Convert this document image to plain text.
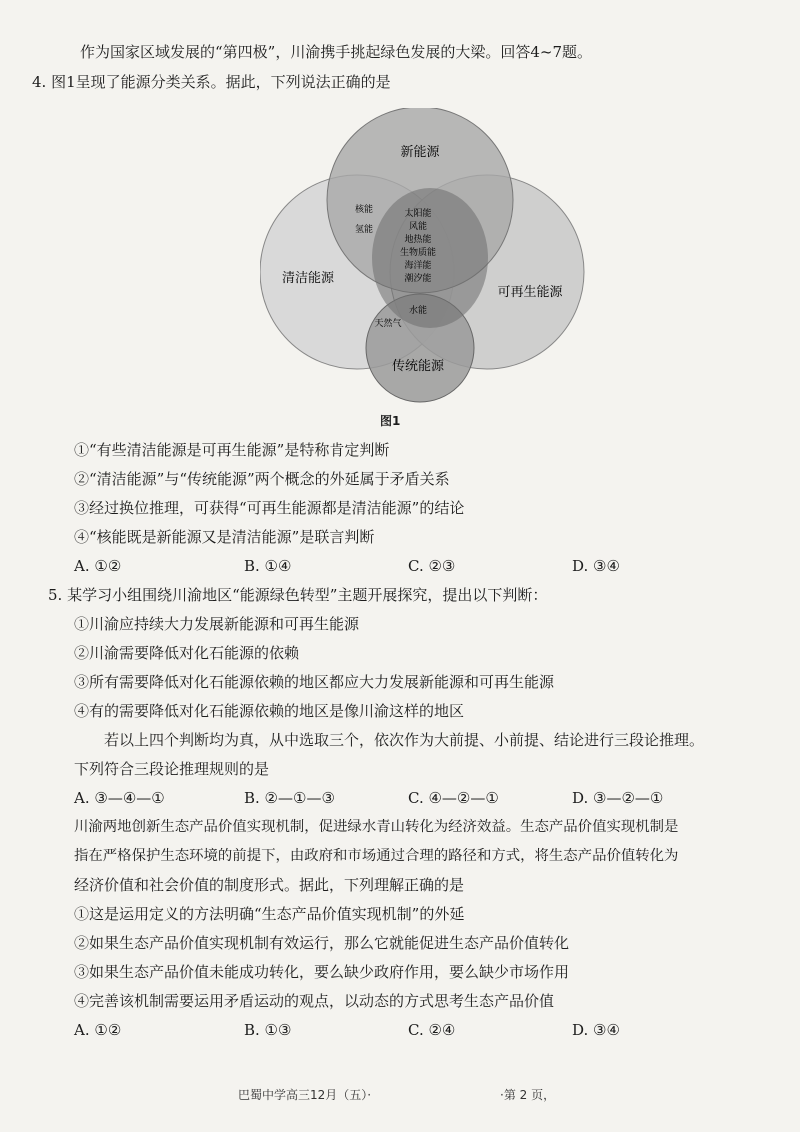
作为国家区域发展的“第四极”，川渝携手挑起绿色发展的大梁。回答4~7题。
4. 图1呈现了能源分类关系。据此，下列说法正确的是
新能源
清洁能源
可再生能源
传统能源
核能
氢能
太阳能
风能
地热能
生物质能
海洋能
潮汐能
水能
天然气
图1
①“有些清洁能源是可再生能源”是特称肯定判断
②“清洁能源”与“传统能源”两个概念的外延属于矛盾关系
③经过换位推理，可获得“可再生能源都是清洁能源”的结论
④“核能既是新能源又是清洁能源”是联言判断
A. ①②	B. ①④	C. ②③	D. ③④
5. 某学习小组围绕川渝地区“能源绿色转型”主题开展探究，提出以下判断：
①川渝应持续大力发展新能源和可再生能源
②川渝需要降低对化石能源的依赖
③所有需要降低对化石能源依赖的地区都应大力发展新能源和可再生能源
④有的需要降低对化石能源依赖的地区是像川渝这样的地区
若以上四个判断均为真，从中选取三个，依次作为大前提、小前提、结论进行三段论推理。
下列符合三段论推理规则的是
A. ③—④—①	B. ②—①—③	C. ④—②—①	D. ③—②—①
川渝两地创新生态产品价值实现机制，促进绿水青山转化为经济效益。生态产品价值实现机制是
指在严格保护生态环境的前提下，由政府和市场通过合理的路径和方式，将生态产品价值转化为
经济价值和社会价值的制度形式。据此，下列理解正确的是
①这是运用定义的方法明确“生态产品价值实现机制”的外延
②如果生态产品价值实现机制有效运行，那么它就能促进生态产品价值转化
③如果生态产品价值未能成功转化，要么缺少政府作用，要么缺少市场作用
④完善该机制需要运用矛盾运动的观点，以动态的方式思考生态产品价值
A. ①②	B. ①③	C. ②④	D. ③④
巴蜀中学高三12月（五）·	·第 2 页，
